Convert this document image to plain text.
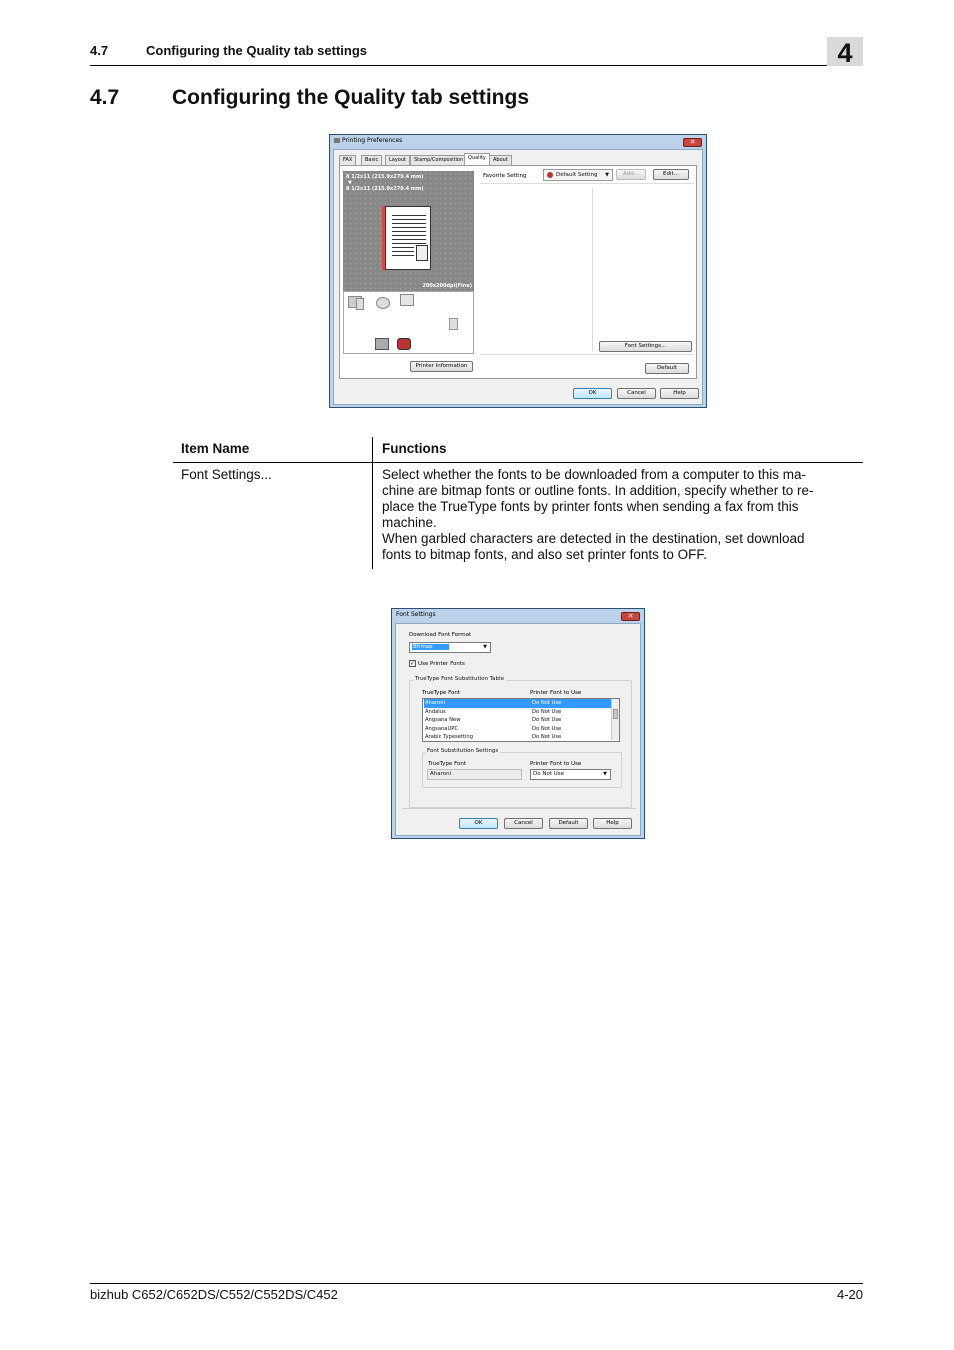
4.7	Configuring the Quality tab settings	4
4.7	Configuring the Quality tab settings
Printing Preferences	✕
FAX	Basic	Layout	Stamp/Composition Quality	About
8 1/2x11 (215.9x279.4 mm)
▼
8 1/2x11 (215.9x279.4 mm)
200x200dpi(Fine)
Printer Information
Favorite Setting	Default Setting ▼	Add...	Edit...
Font Settings...
Default
OK	Cancel	Help
Item Name	Functions
Font Settings...	Select whether the fonts to be downloaded from a computer to this ma-

chine are bitmap fonts or outline fonts. In addition, specify whether to re-

place the TrueType fonts by printer fonts when sending a fax from this

machine.

When garbled characters are detected in the destination, set download

fonts to bitmap fonts, and also set printer fonts to OFF.

Font Settings	✕
Download Font Format
Bitmap	▼
✓ Use Printer Fonts
TrueType Font Substitution Table
TrueType Font	Printer Font to Use
Aharoni	Do Not Use
Andalus	Do Not Use
Angsana New	Do Not Use
AngsanaUPC	Do Not Use
Arabic Typesetting	Do Not Use
Font Substitution Settings
TrueType Font	Printer Font to Use
Aharoni	Do Not Use	▼
OK	Cancel	Default	Help
bizhub C652/C652DS/C552/C552DS/C452	4-20
